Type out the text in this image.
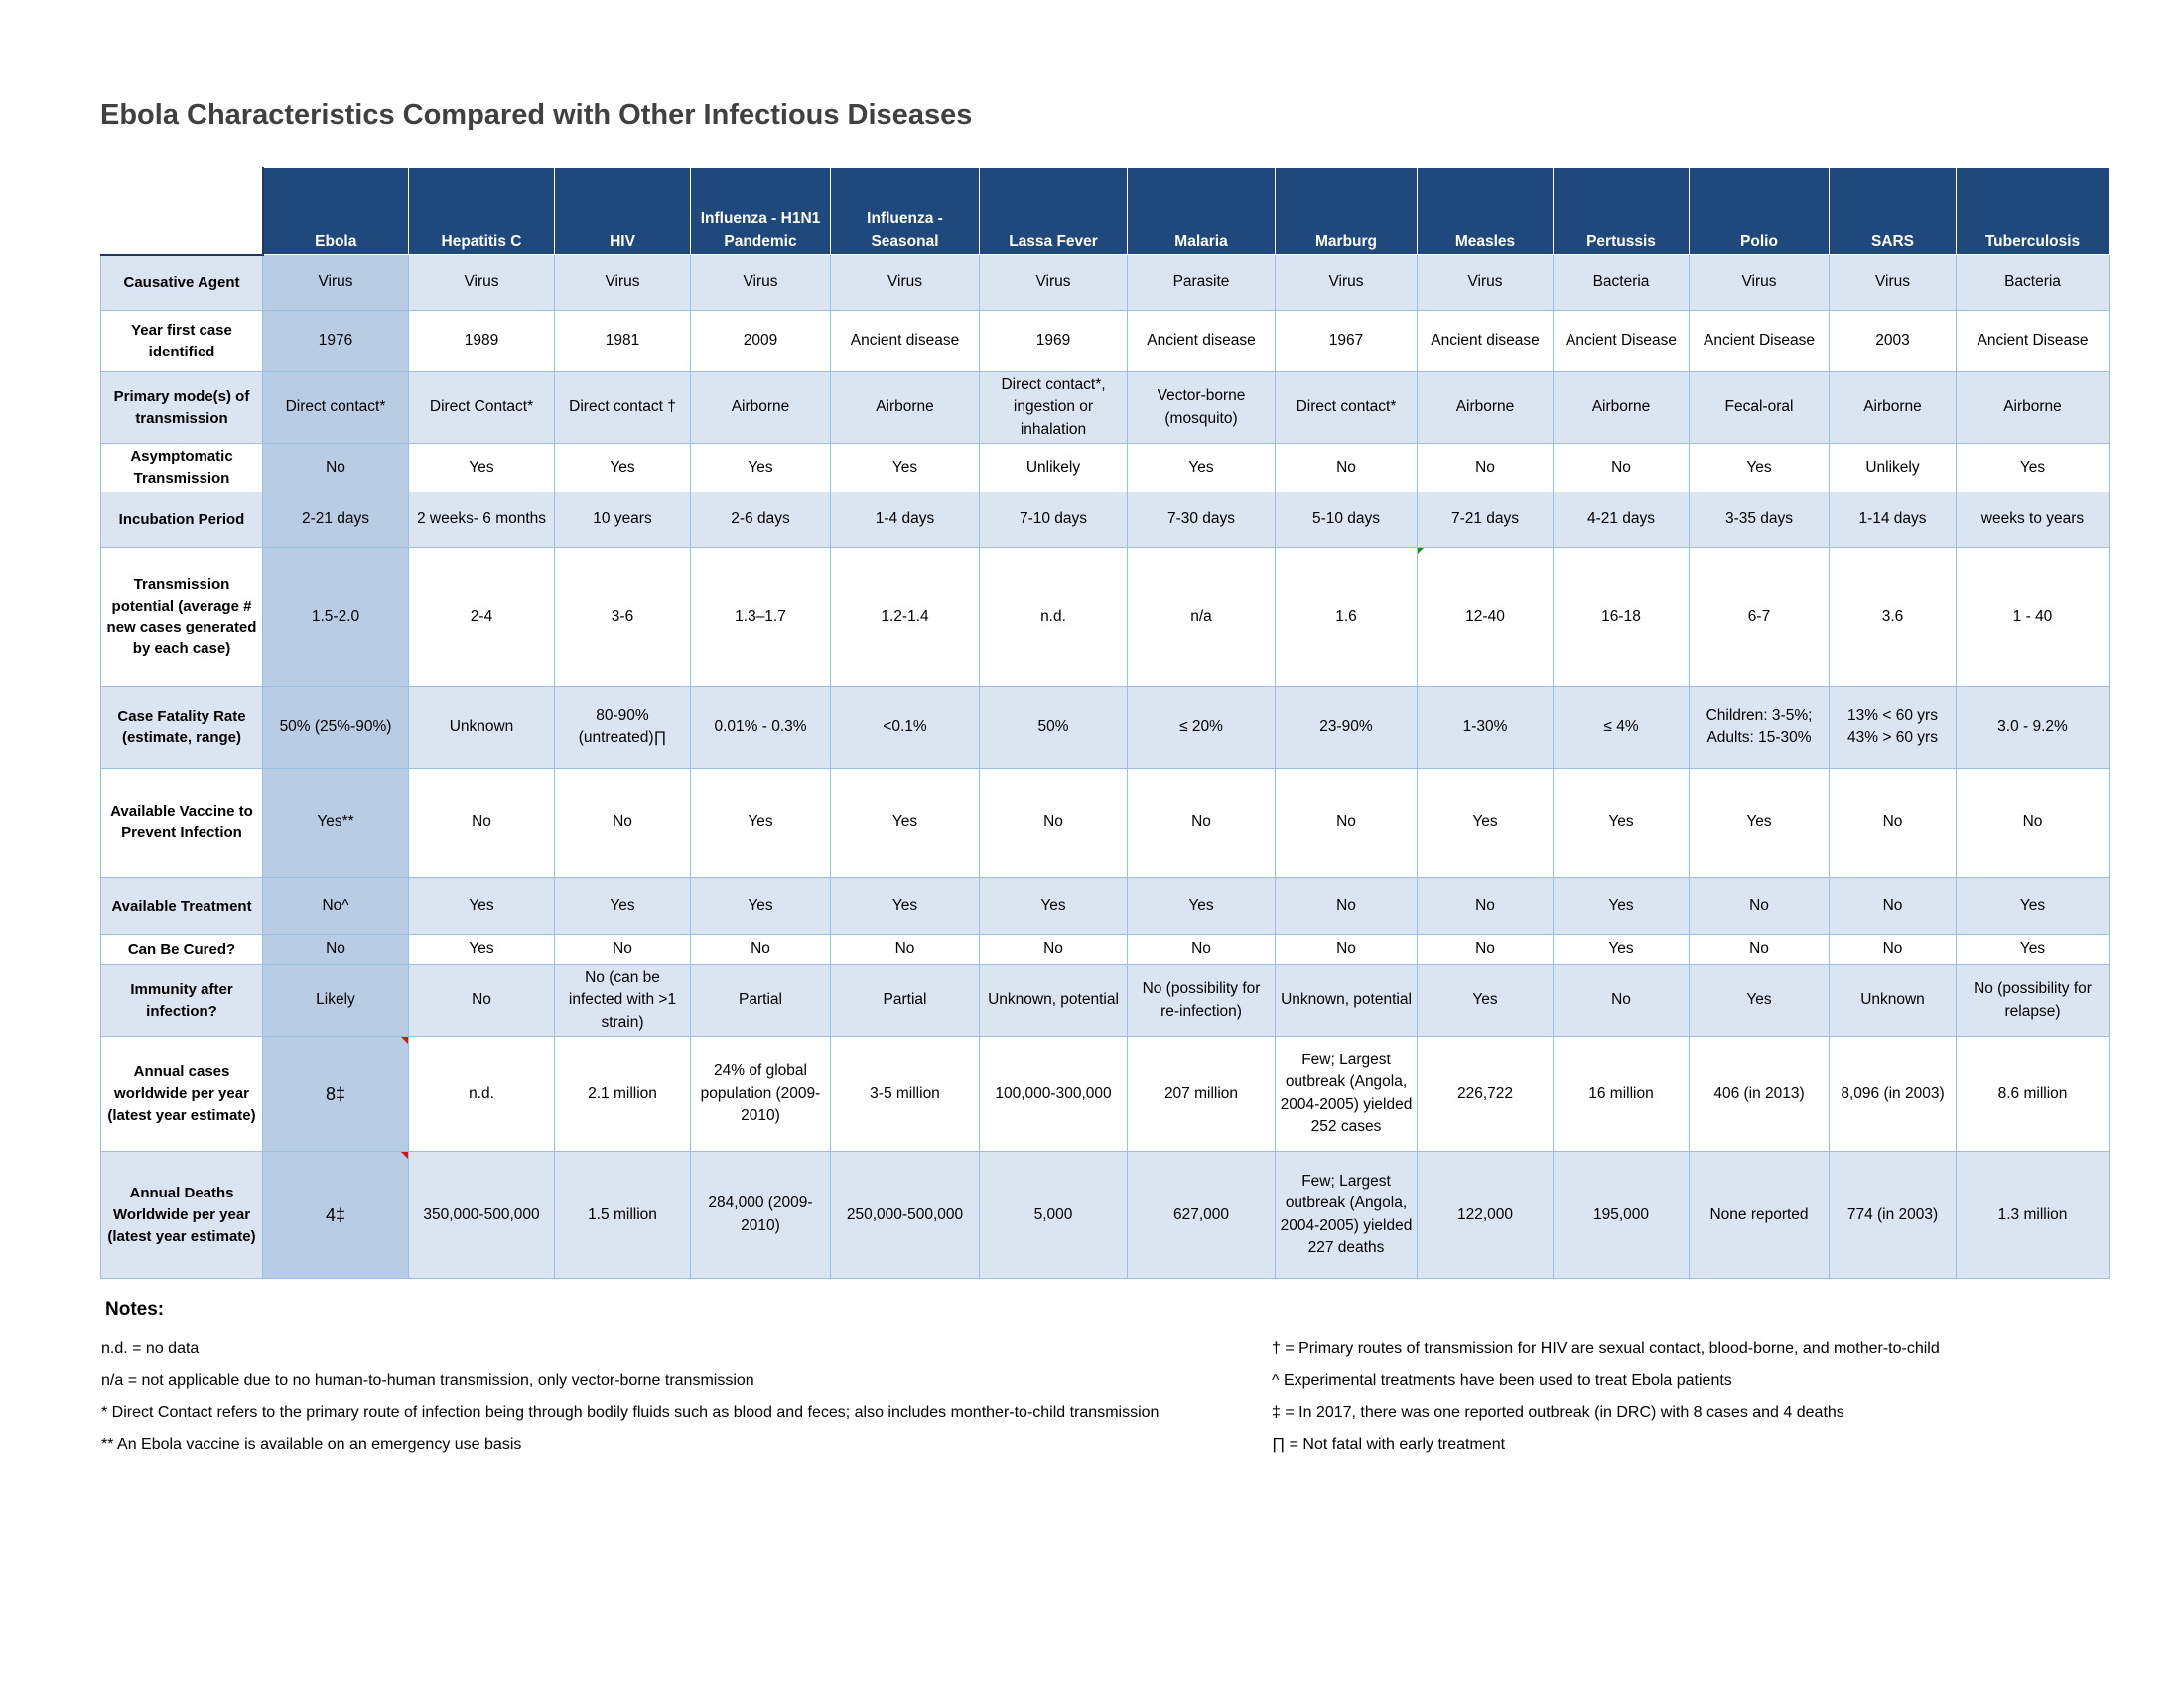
Ebola Characteristics Compared with Other Infectious Diseases
	Ebola	Hepatitis C	HIV	Influenza - H1N1 Pandemic	Influenza - Seasonal	Lassa Fever	Malaria	Marburg	Measles	Pertussis	Polio	SARS	Tuberculosis
Causative Agent	Virus	Virus	Virus	Virus	Virus	Virus	Parasite	Virus	Virus	Bacteria	Virus	Virus	Bacteria
Year first case identified	1976	1989	1981	2009	Ancient disease	1969	Ancient disease	1967	Ancient disease	Ancient Disease	Ancient Disease	2003	Ancient Disease
Primary mode(s) of transmission	Direct contact*	Direct Contact*	Direct contact †	Airborne	Airborne	Direct contact*, ingestion or inhalation	Vector-borne (mosquito)	Direct contact*	Airborne	Airborne	Fecal-oral	Airborne	Airborne
Asymptomatic Transmission	No	Yes	Yes	Yes	Yes	Unlikely	Yes	No	No	No	Yes	Unlikely	Yes
Incubation Period	2-21 days	2 weeks- 6 months	10 years	2-6 days	1-4 days	7-10 days	7-30 days	5-10 days	7-21 days	4-21 days	3-35 days	1-14 days	weeks to years
Transmission potential (average # new cases generated by each case)	1.5-2.0	2-4	3-6	1.3–1.7	1.2-1.4	n.d.	n/a	1.6	12-40	16-18	6-7	3.6	1 - 40
Case Fatality Rate (estimate, range)	50% (25%-90%)	Unknown	80-90% (untreated)∏	0.01% - 0.3%	<0.1%	50%	≤ 20%	23-90%	1-30%	≤ 4%	Children: 3-5%; Adults: 15-30%	13% < 60 yrs 43% > 60 yrs	3.0 - 9.2%
Available Vaccine to Prevent Infection	Yes**	No	No	Yes	Yes	No	No	No	Yes	Yes	Yes	No	No
Available Treatment	No^	Yes	Yes	Yes	Yes	Yes	Yes	No	No	Yes	No	No	Yes
Can Be Cured?	No	Yes	No	No	No	No	No	No	No	Yes	No	No	Yes
Immunity after infection?	Likely	No	No (can be infected with >1 strain)	Partial	Partial	Unknown, potential	No (possibility for re-infection)	Unknown, potential	Yes	No	Yes	Unknown	No (possibility for relapse)
Annual cases worldwide per year (latest year estimate)	8‡	n.d.	2.1 million	24% of global population (2009-2010)	3-5 million	100,000-300,000	207 million	Few; Largest outbreak (Angola, 2004-2005) yielded 252 cases	226,722	16 million	406 (in 2013)	8,096 (in 2003)	8.6 million
Annual Deaths Worldwide per year (latest year estimate)	4‡	350,000-500,000	1.5 million	284,000 (2009-2010)	250,000-500,000	5,000	627,000	Few; Largest outbreak (Angola, 2004-2005) yielded 227 deaths	122,000	195,000	None reported	774 (in 2003)	1.3 million
Notes:
n.d. = no data
n/a = not applicable due to no human-to-human transmission, only vector-borne transmission
* Direct Contact refers to the primary route of infection being through bodily fluids such as blood and feces; also includes monther-to-child transmission
** An Ebola vaccine is available on an emergency use basis
† = Primary routes of transmission for HIV are sexual contact, blood-borne, and mother-to-child
^ Experimental treatments have been used to treat Ebola patients
‡ = In 2017, there was one reported outbreak (in DRC) with 8 cases and 4 deaths
∏ = Not fatal with early treatment
